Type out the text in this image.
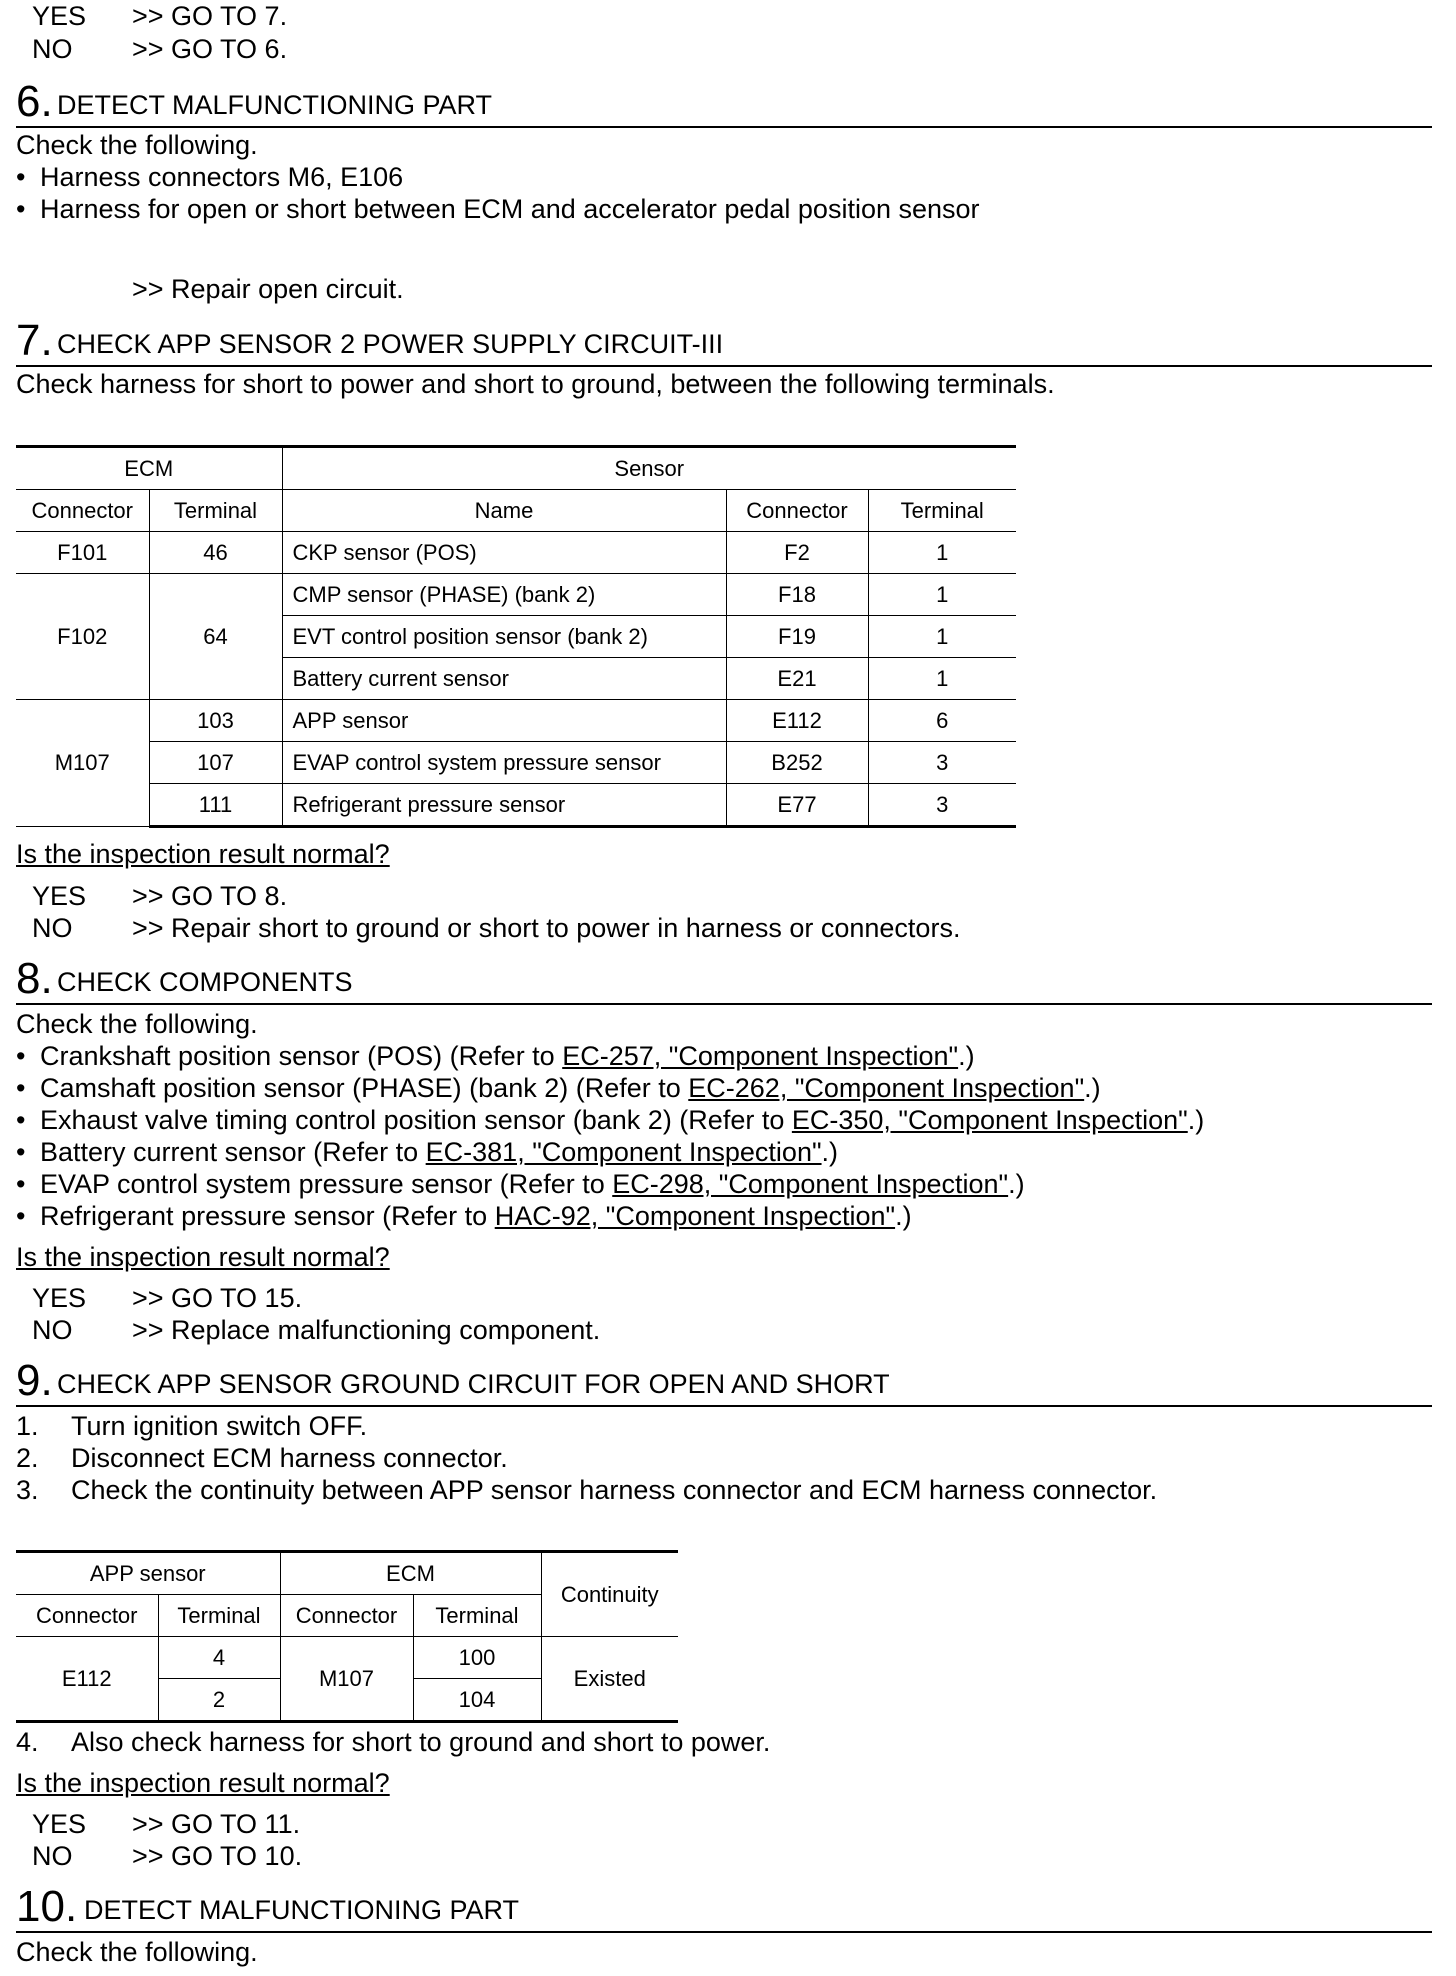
YES >> GO TO 7.
NO >> GO TO 6.
6. DETECT MALFUNCTIONING PART
Check the following.
• Harness connectors M6, E106
• Harness for open or short between ECM and accelerator pedal position sensor
>> Repair open circuit.
7. CHECK APP SENSOR 2 POWER SUPPLY CIRCUIT-III
Check harness for short to power and short to ground, between the following terminals.
ECM		Sensor		
Connector	Terminal	Name	Connector	Terminal
F101	46	CKP sensor (POS)	F2	1
F102	64	CMP sensor (PHASE) (bank 2)	F18	1
		EVT control position sensor (bank 2)	F19	1
		Battery current sensor	E21	1
M107	103	APP sensor	E112	6
	107	EVAP control system pressure sensor	B252	3
	111	Refrigerant pressure sensor	E77	3
Is the inspection result normal?
YES >> GO TO 8.
NO >> Repair short to ground or short to power in harness or connectors.
8. CHECK COMPONENTS
Check the following.
• Crankshaft position sensor (POS) (Refer to EC-257, "Component Inspection".)
• Camshaft position sensor (PHASE) (bank 2) (Refer to EC-262, "Component Inspection".)
• Exhaust valve timing control position sensor (bank 2) (Refer to EC-350, "Component Inspection".)
• Battery current sensor (Refer to EC-381, "Component Inspection".)
• EVAP control system pressure sensor (Refer to EC-298, "Component Inspection".)
• Refrigerant pressure sensor (Refer to HAC-92, "Component Inspection".)
Is the inspection result normal?
YES >> GO TO 15.
NO >> Replace malfunctioning component.
9. CHECK APP SENSOR GROUND CIRCUIT FOR OPEN AND SHORT
1. Turn ignition switch OFF.
2. Disconnect ECM harness connector.
3. Check the continuity between APP sensor harness connector and ECM harness connector.
APP sensor		ECM		Continuity
Connector	Terminal	Connector	Terminal	
E112	4	M107	100	Existed
	2		104	
4. Also check harness for short to ground and short to power.
Is the inspection result normal?
YES >> GO TO 11.
NO >> GO TO 10.
10. DETECT MALFUNCTIONING PART
Check the following.
